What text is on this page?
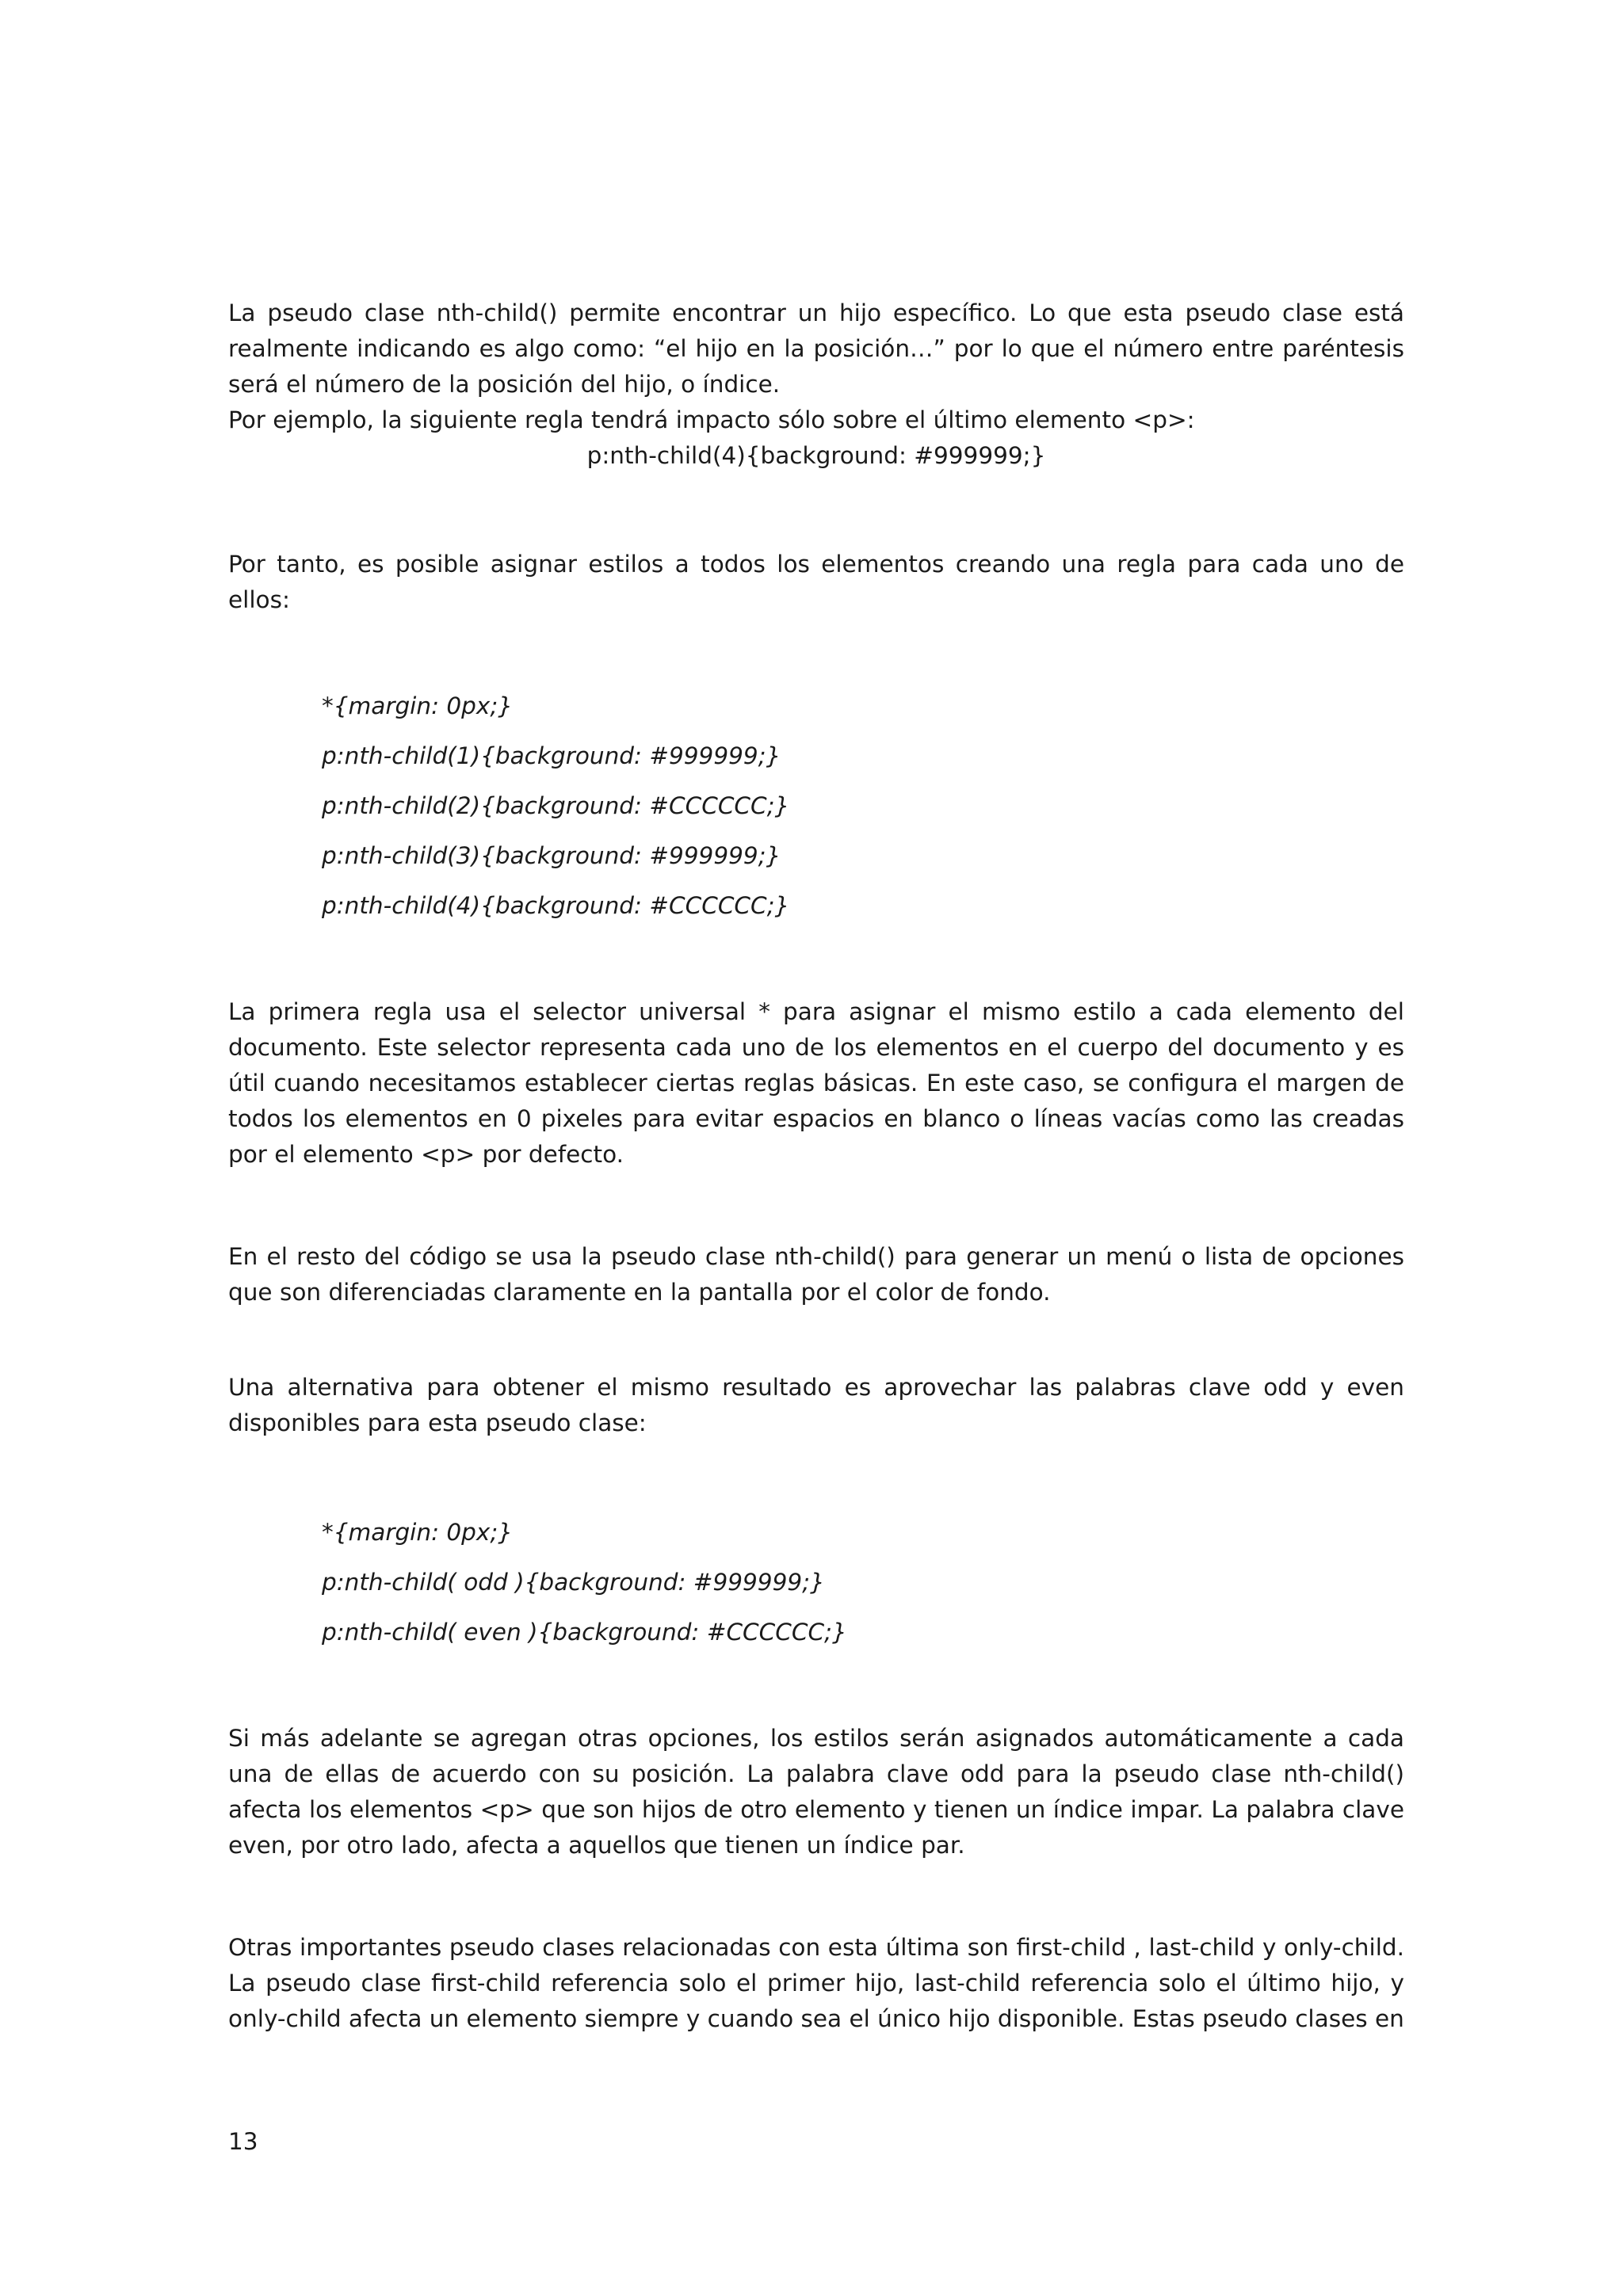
La pseudo clase nth-child() permite encontrar un hijo específico. Lo que esta pseudo clase está realmente indicando es algo como: “el hijo en la posición…” por lo que el número entre paréntesis será el número de la posición del hijo, o índice.

Por ejemplo, la siguiente regla tendrá impacto sólo sobre el último elemento <p>:

p:nth-child(4){background: #999999;}

Por tanto, es posible asignar estilos a todos los elementos creando una regla para cada uno de ellos:

*{margin: 0px;}
p:nth-child(1){background: #999999;}
p:nth-child(2){background: #CCCCCC;}
p:nth-child(3){background: #999999;}
p:nth-child(4){background: #CCCCCC;}

La primera regla usa el selector universal * para asignar el mismo estilo a cada elemento del documento. Este selector representa cada uno de los elementos en el cuerpo del documento y es útil cuando necesitamos establecer ciertas reglas básicas. En este caso, se configura el margen de todos los elementos en 0 pixeles para evitar espacios en blanco o líneas vacías como las creadas por el elemento <p> por defecto.

En el resto del código se usa la pseudo clase nth-child() para generar un menú o lista de opciones que son diferenciadas claramente en la pantalla por el color de fondo.

Una alternativa para obtener el mismo resultado es aprovechar las palabras clave odd y even disponibles para esta pseudo clase:

*{margin: 0px;}
p:nth-child( odd ){background: #999999;}
p:nth-child( even ){background: #CCCCCC;}

Si más adelante se agregan otras opciones, los estilos serán asignados automáticamente a cada una de ellas de acuerdo con su posición. La palabra clave odd para la pseudo clase nth-child() afecta los elementos <p> que son hijos de otro elemento y tienen un índice impar. La palabra clave even, por otro lado, afecta a aquellos que tienen un índice par.

Otras importantes pseudo clases relacionadas con esta última son first-child , last-child y only-child. La pseudo clase first-child referencia solo el primer hijo, last-child referencia solo el último hijo, y only-child afecta un elemento siempre y cuando sea el único hijo disponible. Estas pseudo clases en

13
